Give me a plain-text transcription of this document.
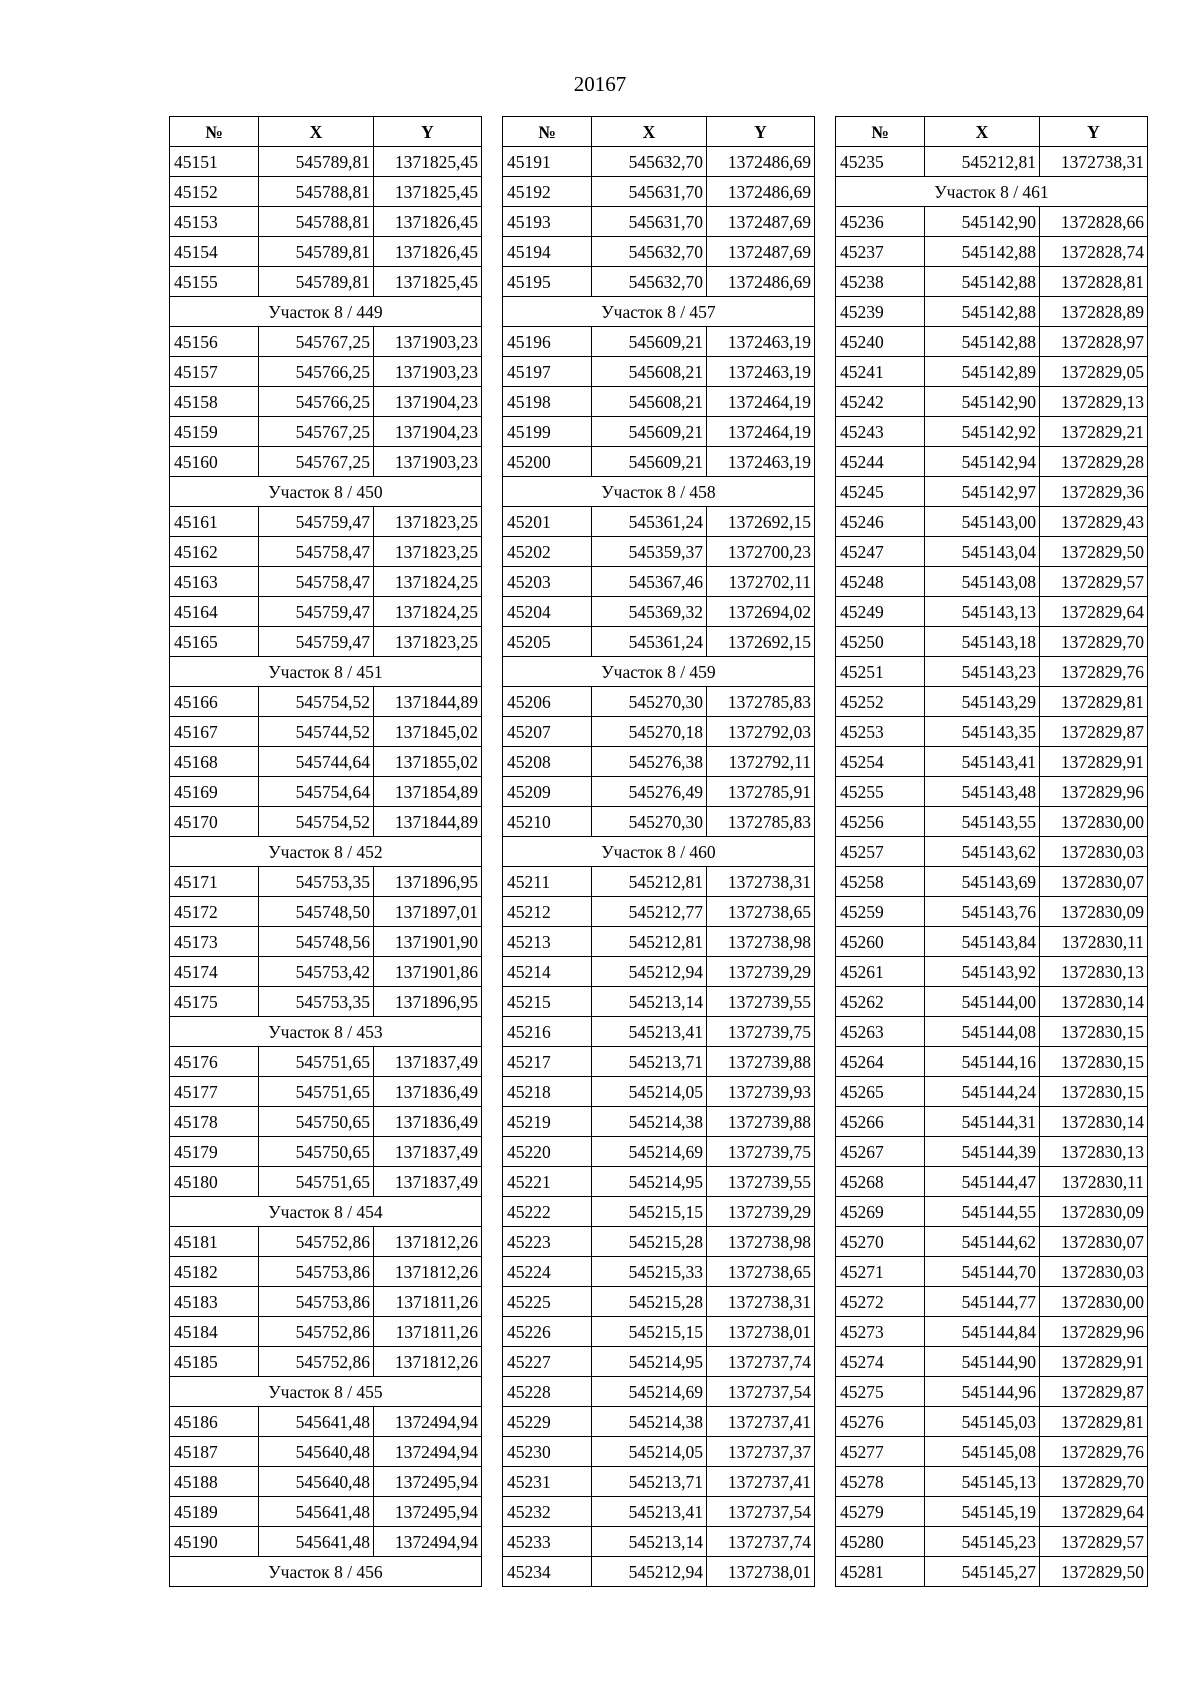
20167
№	X	Y
45151	545789,81	1371825,45
45152	545788,81	1371825,45
45153	545788,81	1371826,45
45154	545789,81	1371826,45
45155	545789,81	1371825,45
Участок 8 / 449		
45156	545767,25	1371903,23
45157	545766,25	1371903,23
45158	545766,25	1371904,23
45159	545767,25	1371904,23
45160	545767,25	1371903,23
Участок 8 / 450		
45161	545759,47	1371823,25
45162	545758,47	1371823,25
45163	545758,47	1371824,25
45164	545759,47	1371824,25
45165	545759,47	1371823,25
Участок 8 / 451		
45166	545754,52	1371844,89
45167	545744,52	1371845,02
45168	545744,64	1371855,02
45169	545754,64	1371854,89
45170	545754,52	1371844,89
Участок 8 / 452		
45171	545753,35	1371896,95
45172	545748,50	1371897,01
45173	545748,56	1371901,90
45174	545753,42	1371901,86
45175	545753,35	1371896,95
Участок 8 / 453		
45176	545751,65	1371837,49
45177	545751,65	1371836,49
45178	545750,65	1371836,49
45179	545750,65	1371837,49
45180	545751,65	1371837,49
Участок 8 / 454		
45181	545752,86	1371812,26
45182	545753,86	1371812,26
45183	545753,86	1371811,26
45184	545752,86	1371811,26
45185	545752,86	1371812,26
Участок 8 / 455		
45186	545641,48	1372494,94
45187	545640,48	1372494,94
45188	545640,48	1372495,94
45189	545641,48	1372495,94
45190	545641,48	1372494,94
Участок 8 / 456		
№	X	Y
45191	545632,70	1372486,69
45192	545631,70	1372486,69
45193	545631,70	1372487,69
45194	545632,70	1372487,69
45195	545632,70	1372486,69
Участок 8 / 457		
45196	545609,21	1372463,19
45197	545608,21	1372463,19
45198	545608,21	1372464,19
45199	545609,21	1372464,19
45200	545609,21	1372463,19
Участок 8 / 458		
45201	545361,24	1372692,15
45202	545359,37	1372700,23
45203	545367,46	1372702,11
45204	545369,32	1372694,02
45205	545361,24	1372692,15
Участок 8 / 459		
45206	545270,30	1372785,83
45207	545270,18	1372792,03
45208	545276,38	1372792,11
45209	545276,49	1372785,91
45210	545270,30	1372785,83
Участок 8 / 460		
45211	545212,81	1372738,31
45212	545212,77	1372738,65
45213	545212,81	1372738,98
45214	545212,94	1372739,29
45215	545213,14	1372739,55
45216	545213,41	1372739,75
45217	545213,71	1372739,88
45218	545214,05	1372739,93
45219	545214,38	1372739,88
45220	545214,69	1372739,75
45221	545214,95	1372739,55
45222	545215,15	1372739,29
45223	545215,28	1372738,98
45224	545215,33	1372738,65
45225	545215,28	1372738,31
45226	545215,15	1372738,01
45227	545214,95	1372737,74
45228	545214,69	1372737,54
45229	545214,38	1372737,41
45230	545214,05	1372737,37
45231	545213,71	1372737,41
45232	545213,41	1372737,54
45233	545213,14	1372737,74
45234	545212,94	1372738,01
№	X	Y
45235	545212,81	1372738,31
Участок 8 / 461		
45236	545142,90	1372828,66
45237	545142,88	1372828,74
45238	545142,88	1372828,81
45239	545142,88	1372828,89
45240	545142,88	1372828,97
45241	545142,89	1372829,05
45242	545142,90	1372829,13
45243	545142,92	1372829,21
45244	545142,94	1372829,28
45245	545142,97	1372829,36
45246	545143,00	1372829,43
45247	545143,04	1372829,50
45248	545143,08	1372829,57
45249	545143,13	1372829,64
45250	545143,18	1372829,70
45251	545143,23	1372829,76
45252	545143,29	1372829,81
45253	545143,35	1372829,87
45254	545143,41	1372829,91
45255	545143,48	1372829,96
45256	545143,55	1372830,00
45257	545143,62	1372830,03
45258	545143,69	1372830,07
45259	545143,76	1372830,09
45260	545143,84	1372830,11
45261	545143,92	1372830,13
45262	545144,00	1372830,14
45263	545144,08	1372830,15
45264	545144,16	1372830,15
45265	545144,24	1372830,15
45266	545144,31	1372830,14
45267	545144,39	1372830,13
45268	545144,47	1372830,11
45269	545144,55	1372830,09
45270	545144,62	1372830,07
45271	545144,70	1372830,03
45272	545144,77	1372830,00
45273	545144,84	1372829,96
45274	545144,90	1372829,91
45275	545144,96	1372829,87
45276	545145,03	1372829,81
45277	545145,08	1372829,76
45278	545145,13	1372829,70
45279	545145,19	1372829,64
45280	545145,23	1372829,57
45281	545145,27	1372829,50
